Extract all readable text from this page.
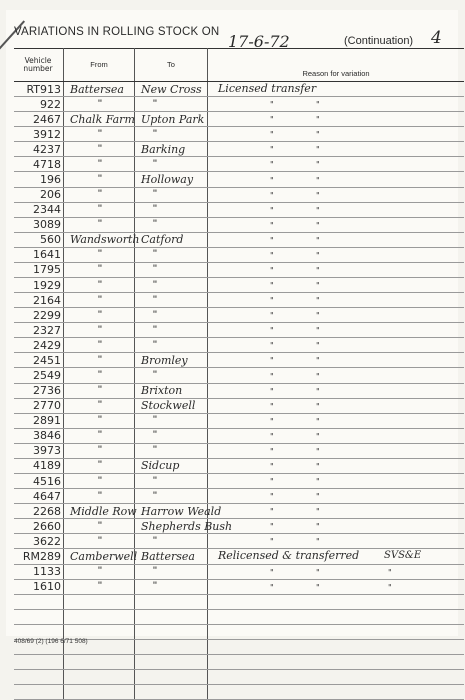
VARIATIONS IN ROLLING STOCK ON 17-6-72	(Continuation) 4
Vehicle number	From	To	Reason for variation
RT913	Battersea	New Cross	Licensed transfer

922	"	"	" "

2467	Chalk Farm	Upton Park	" "

3912	"	"	" "

4237	"	Barking	" "

4718	"	"	" "

196	"	Holloway	" "

206	"	"	" "

2344	"	"	" "

3089	"	"	" "

560	Wandsworth	Catford	" "

1641	"	"	" "

1795	"	"	" "

1929	"	"	" "

2164	"	"	" "

2299	"	"	" "

2327	"	"	" "

2429	"	"	" "

2451	"	Bromley	" "

2549	"	"	" "

2736	"	Brixton	" "

2770	"	Stockwell	" "

2891	"	"	" "

3846	"	"	" "

3973	"	"	" "

4189	"	Sidcup	" "

4516	"	"	" "

4647	"	"	" "

2268	Middle Row	Harrow Weald	" "

2660	"	Shepherds Bush	" "

3622	"	"	" "

RM289	Camberwell	Battersea	Relicensed & transferred SVS&E

1133	"	"	" " "

1610	"	"	" " "

408/69 (2) (196 6/71 508)
